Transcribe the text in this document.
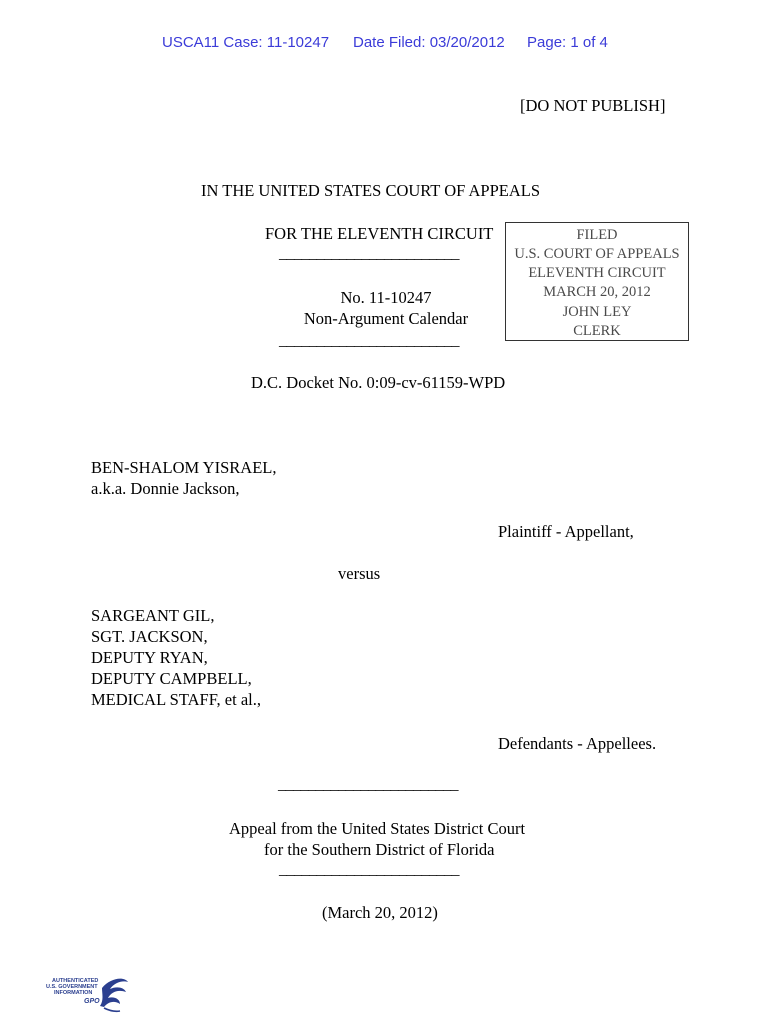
USCA11 Case: 11-10247 Date Filed: 03/20/2012 Page: 1 of 4
[DO NOT PUBLISH]
IN THE UNITED STATES COURT OF APPEALS
FOR THE ELEVENTH CIRCUIT
________________________
No. 11-10247
Non-Argument Calendar
________________________
FILED
U.S. COURT OF APPEALS
ELEVENTH CIRCUIT
MARCH 20, 2012
JOHN LEY
CLERK
D.C. Docket No. 0:09-cv-61159-WPD
BEN-SHALOM YISRAEL,
a.k.a. Donnie Jackson,
Plaintiff - Appellant,
versus
SARGEANT GIL,
SGT. JACKSON,
DEPUTY RYAN,
DEPUTY CAMPBELL,
MEDICAL STAFF, et al.,
Defendants - Appellees.
________________________
Appeal from the United States District Court
for the Southern District of Florida
________________________
(March 20, 2012)
AUTHENTICATED
U.S. GOVERNMENT
INFORMATION
GPO
